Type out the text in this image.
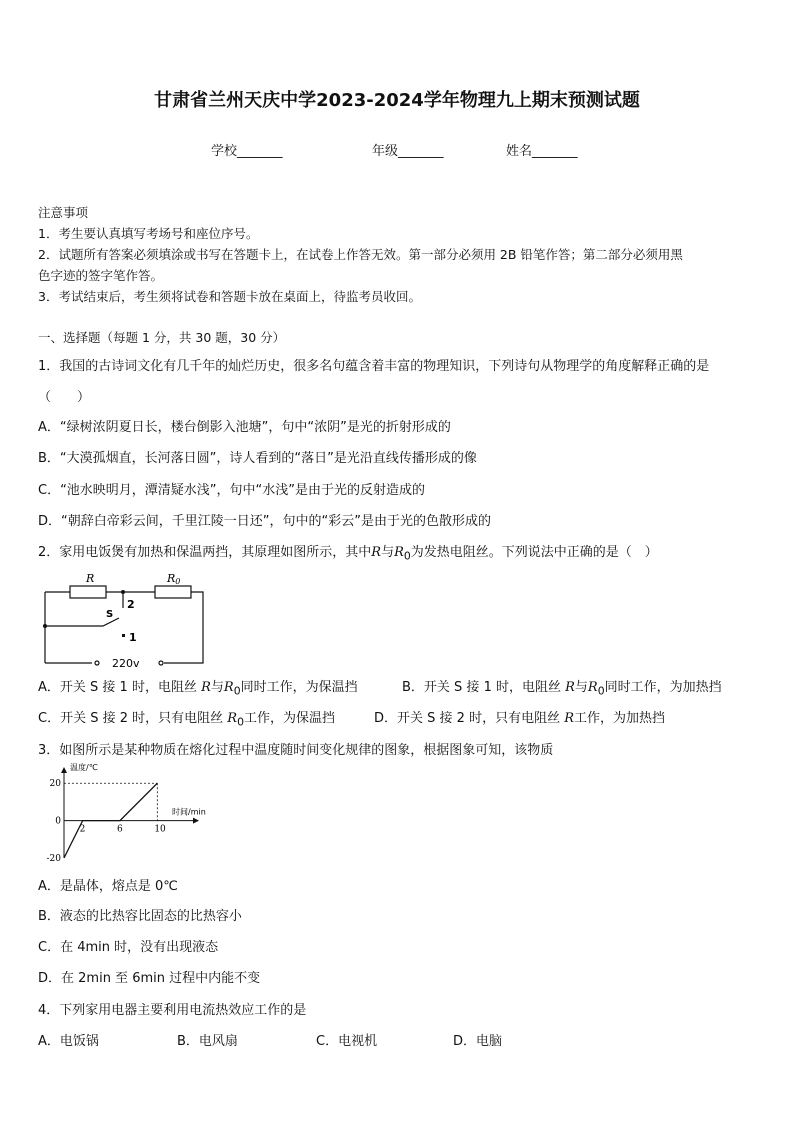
甘肃省兰州天庆中学2023-2024学年物理九上期末预测试题
学校_______	年级_______	姓名_______
注意事项
1．考生要认真填写考场号和座位序号。
2．试题所有答案必须填涂或书写在答题卡上，在试卷上作答无效。第一部分必须用 2B 铅笔作答；第二部分必须用黑
色字迹的签字笔作答。
3．考试结束后，考生须将试卷和答题卡放在桌面上，待监考员收回。
一、选择题（每题 1 分，共 30 题，30 分）
1．我国的古诗词文化有几千年的灿烂历史，很多名句蕴含着丰富的物理知识，下列诗句从物理学的角度解释正确的是
（　　）
A．“绿树浓阴夏日长，楼台倒影入池塘”，句中“浓阴”是光的折射形成的
B．“大漠孤烟直，长河落日圆”，诗人看到的“落日”是光沿直线传播形成的像
C．“池水映明月，潭清疑水浅”，句中“水浅”是由于光的反射造成的
D．“朝辞白帝彩云间，千里江陵一日还”，句中的“彩云”是由于光的色散形成的
2．家用电饭煲有加热和保温两挡，其原理如图所示，其中R与$R_0$为发热电阻丝。下列说法中正确的是（　）
R	R0
S
2
1
220v
A．开关 S 接 1 时，电阻丝 R与$R_0$同时工作，为保温挡	B．开关 S 接 1 时，电阻丝 R与$R_0$同时工作，为加热挡
C．开关 S 接 2 时，只有电阻丝 $R_0$工作，为保温挡	D．开关 S 接 2 时，只有电阻丝 R工作，为加热挡
3．如图所示是某种物质在熔化过程中温度随时间变化规律的图象，根据图象可知，该物质
温度/℃
时间/min
2	6	10
20
0
-20
A．是晶体，熔点是 0℃
B．液态的比热容比固态的比热容小
C．在 4min 时，没有出现液态
D．在 2min 至 6min 过程中内能不变
4．下列家用电器主要利用电流热效应工作的是
A．电饭锅	B．电风扇	C．电视机	D．电脑
